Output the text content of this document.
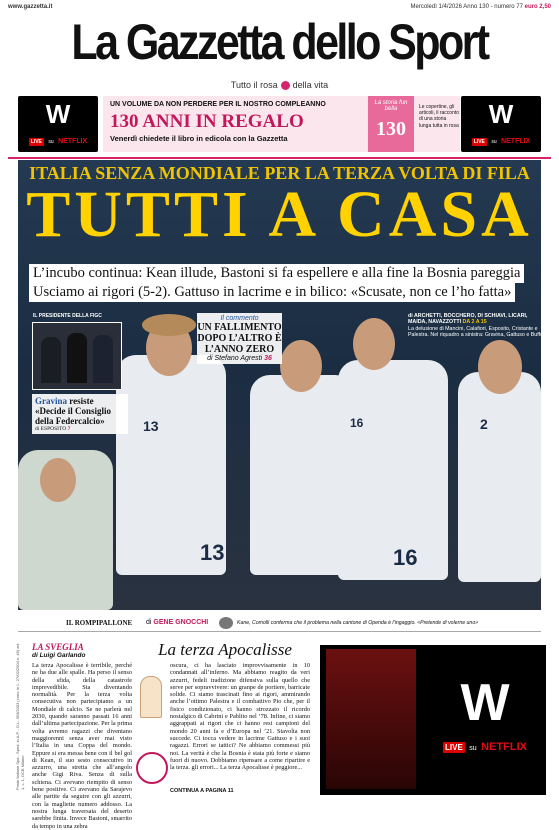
www.gazzetta.it	Mercoledì 1/4/2026 Anno 130 - numero 77 euro 2,50
La Gazzetta dello Sport
Tutto il rosa della vita
W
LIVE su NETFLIX
UN VOLUME DA NON PERDERE PER IL NOSTRO COMPLEANNO
130 ANNI IN REGALO
Venerdì chiedete il libro in edicola con la Gazzetta
La storia fun bella
130
Le copertine, gli articoli, il racconto di una storia lunga tutta in rosa	W
LIVE su NETFLIX
13	16	2
13	16
ITALIA SENZA MONDIALE PER LA TERZA VOLTA DI FILA
TUTTI A CASA
L’incubo continua: Kean illude, Bastoni si fa espellere e alla fine la Bosnia pareggia
Usciamo ai rigori (5-2). Gattuso in lacrime e in bilico: «Scusate, non ce l’ho fatta»
IL PRESIDENTE DELLA FIGC
Gravina resiste
«Decide il Consiglio della Federcalcio»
di ESPOSITO 7
Il commento
UN FALLIMENTO DOPO L’ALTRO È L’ANNO ZERO
di Stefano Agresti 36
di ARCHETTI, BOCCHERO, DI SCHIAVI, LICARI, MAIDA, NAVAZZOTTI DA 2 A 15
La delusione di Mancini, Calafiori, Esposito, Cristante e Palestra. Nel riquadro a sinistra: Gravina, Gattuso e Buffon
IL ROMPIPALLONE di GENE GNOCCHI	Kane, Comolli conferma che il problema nella cantone di Openda è l’ingaggio. «Pretende di volerne uno»
Poste Italiane Spa - Sped. in A.P. - D.L. 353/2003 (conv. in L. 27/02/2004 n. 46) art. 1, c. 1, DCB Milano
LA SVEGLIA
di Luigi Garlando	La terza Apocalisse
La terza Apocalisse è terribile, perché ne ha due alle spalle. Ha perso il senso della sfida, della catastrofe imprevedibile. Sta diventando normalità. Per la terza volta consecutiva non partecipiamo a un Mondiale di calcio. Se ne parlerà nel 2030, quando saranno passati 16 anni dall’ultima partecipazione. Per la prima volta avremo ragazzi che diventano maggiorenni senza aver mai visto l’Italia in una Coppa del mondo. Eppure si era messa bene con il bel gol di Kean, il suo sesto consecutivo in azzurro, una stretta che all’angolo anche Gigi Riva. Senza di sulla schiena. Ci avevano riempito di senso bene positive. Ci avevano da Sarajevo alle partite da seguire con gli azzurri, con la magliette numero addosso. La nostra lunga traversata del deserto sarebbe finita. Invece Bastoni, smarrito da tempo in una zebra
oscura, ci ha lasciato improvvisamente in 10 condannati all’inferno. Ma abbiamo reagito da veri azzurri, fedeli tradizione difensiva sulla quello che serve per sopravvivere: un granpe de portiere, barricate solide. Ci siamo trascinati fino ai rigori, ammirando anche l’ottimo Palestra e il combattivo Pio che, per il fisico condizionato, ci hanno strozzato il ricordo nostalgico di Cabrini e Pablito nel ’78. Infine, ci siamo aggrappati ai rigori che ci hanno resi campioni del mondo 20 anni fa e d’Europa nel ’21. Stavolta non succede. Ci tocca vedere in lacrime Gattuso e i suoi ragazzi. Errori se tattici? Ne abbiamo commessi più noi. La verità è che la Bosnia è stata più forte e siamo fuori di nuovo. Dobbiamo ripensare a come ripartire e la terza. gli errori... La terza Apocalisse è peggiore...
CONTINUA A PAGINA 11
W
LIVE su NETFLIX
